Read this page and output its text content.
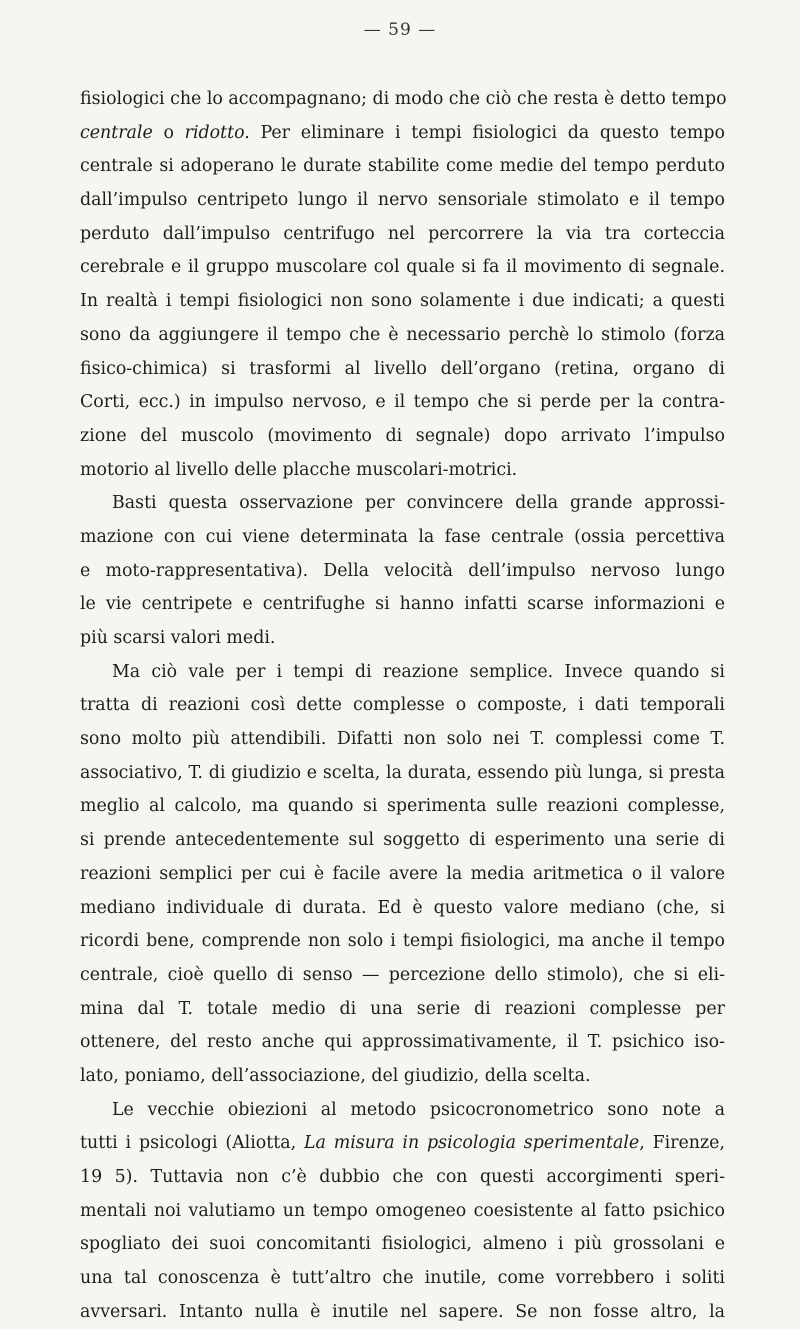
— 59 —
fisiologici che lo accompagnano; di modo che ciò che resta è detto tempo
centrale o ridotto. Per eliminare i tempi fisiologici da questo tempo
centrale si adoperano le durate stabilite come medie del tempo perduto
dall’impulso centripeto lungo il nervo sensoriale stimolato e il tempo
perduto dall’impulso centrifugo nel percorrere la via tra corteccia
cerebrale e il gruppo muscolare col quale si fa il movimento di segnale.
In realtà i tempi fisiologici non sono solamente i due indicati; a questi
sono da aggiungere il tempo che è necessario perchè lo stimolo (forza
fisico-chimica) si trasformi al livello dell’organo (retina, organo di
Corti, ecc.) in impulso nervoso, e il tempo che si perde per la contra-
zione del muscolo (movimento di segnale) dopo arrivato l’impulso
motorio al livello delle placche muscolari-motrici.
Basti questa osservazione per convincere della grande approssi-
mazione con cui viene determinata la fase centrale (ossia percettiva
e moto-rappresentativa). Della velocità dell’impulso nervoso lungo
le vie centripete e centrifughe si hanno infatti scarse informazioni e
più scarsi valori medi.
Ma ciò vale per i tempi di reazione semplice. Invece quando si
tratta di reazioni così dette complesse o composte, i dati temporali
sono molto più attendibili. Difatti non solo nei T. complessi come T.
associativo, T. di giudizio e scelta, la durata, essendo più lunga, si presta
meglio al calcolo, ma quando si sperimenta sulle reazioni complesse,
si prende antecedentemente sul soggetto di esperimento una serie di
reazioni semplici per cui è facile avere la media aritmetica o il valore
mediano individuale di durata. Ed è questo valore mediano (che, si
ricordi bene, comprende non solo i tempi fisiologici, ma anche il tempo
centrale, cioè quello di senso — percezione dello stimolo), che si eli-
mina dal T. totale medio di una serie di reazioni complesse per
ottenere, del resto anche qui approssimativamente, il T. psichico iso-
lato, poniamo, dell’associazione, del giudizio, della scelta.
Le vecchie obiezioni al metodo psicocronometrico sono note a
tutti i psicologi (Aliotta, La misura in psicologia sperimentale, Firenze,
19 5). Tuttavia non c’è dubbio che con questi accorgimenti speri-
mentali noi valutiamo un tempo omogeneo coesistente al fatto psichico
spogliato dei suoi concomitanti fisiologici, almeno i più grossolani e
una tal conoscenza è tutt’altro che inutile, come vorrebbero i soliti
avversari. Intanto nulla è inutile nel sapere. Se non fosse altro, la
